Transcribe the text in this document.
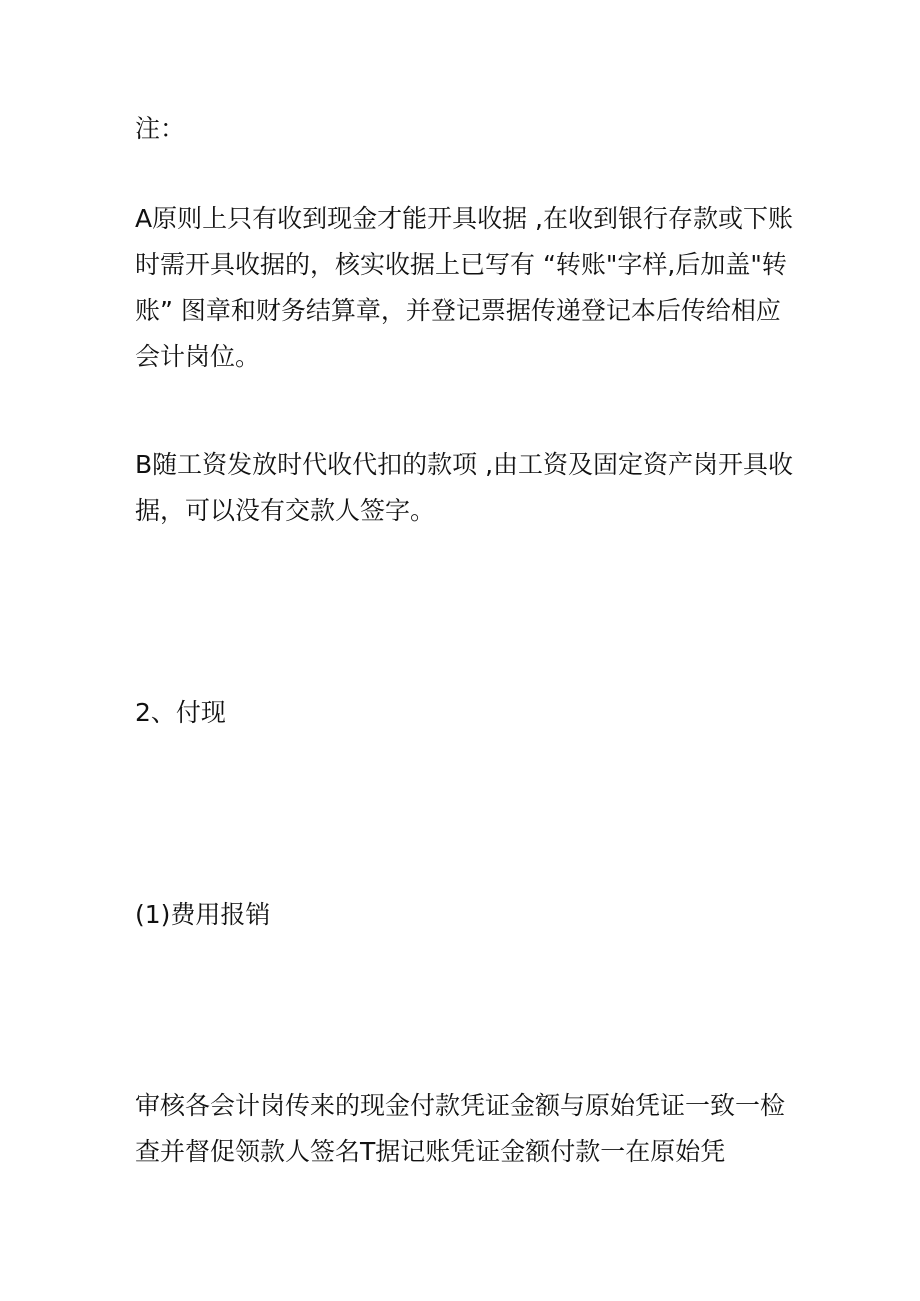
注：

A原则上只有收到现金才能开具收据 ,在收到银行存款或下账
时需开具收据的，核实收据上已写有 “转账"字样,后加盖"转
账” 图章和财务结算章，并登记票据传递登记本后传给相应
会计岗位。

B随工资发放时代收代扣的款项 ,由工资及固定资产岗开具收
据，可以没有交款人签字。

2、付现

(1)费用报销

审核各会计岗传来的现金付款凭证金额与原始凭证一致一检
查并督促领款人签名T据记账凭证金额付款一在原始凭
